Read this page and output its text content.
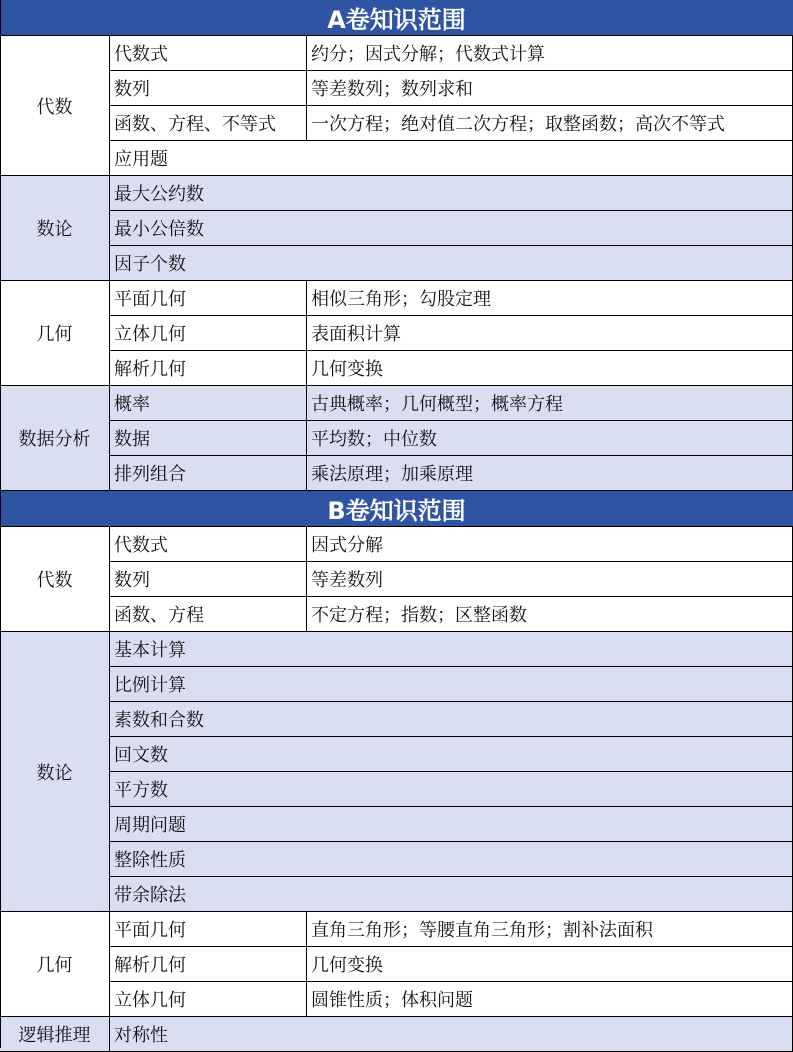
A卷知识范围
代数
代数式	约分；因式分解；代数式计算
数列	等差数列；数列求和
函数、方程、不等式	一次方程；绝对值二次方程；取整函数；高次不等式
应用题
数论
最大公约数
最小公倍数
因子个数
几何
平面几何	相似三角形；勾股定理
立体几何	表面积计算
解析几何	几何变换
数据分析
概率	古典概率；几何概型；概率方程
数据	平均数；中位数
排列组合	乘法原理；加乘原理
B卷知识范围
代数
代数式	因式分解
数列	等差数列
函数、方程	不定方程；指数；区整函数
数论
基本计算
比例计算
素数和合数
回文数
平方数
周期问题
整除性质
带余除法
几何
平面几何	直角三角形；等腰直角三角形；割补法面积
解析几何	几何变换
立体几何	圆锥性质；体积问题
逻辑推理	对称性
